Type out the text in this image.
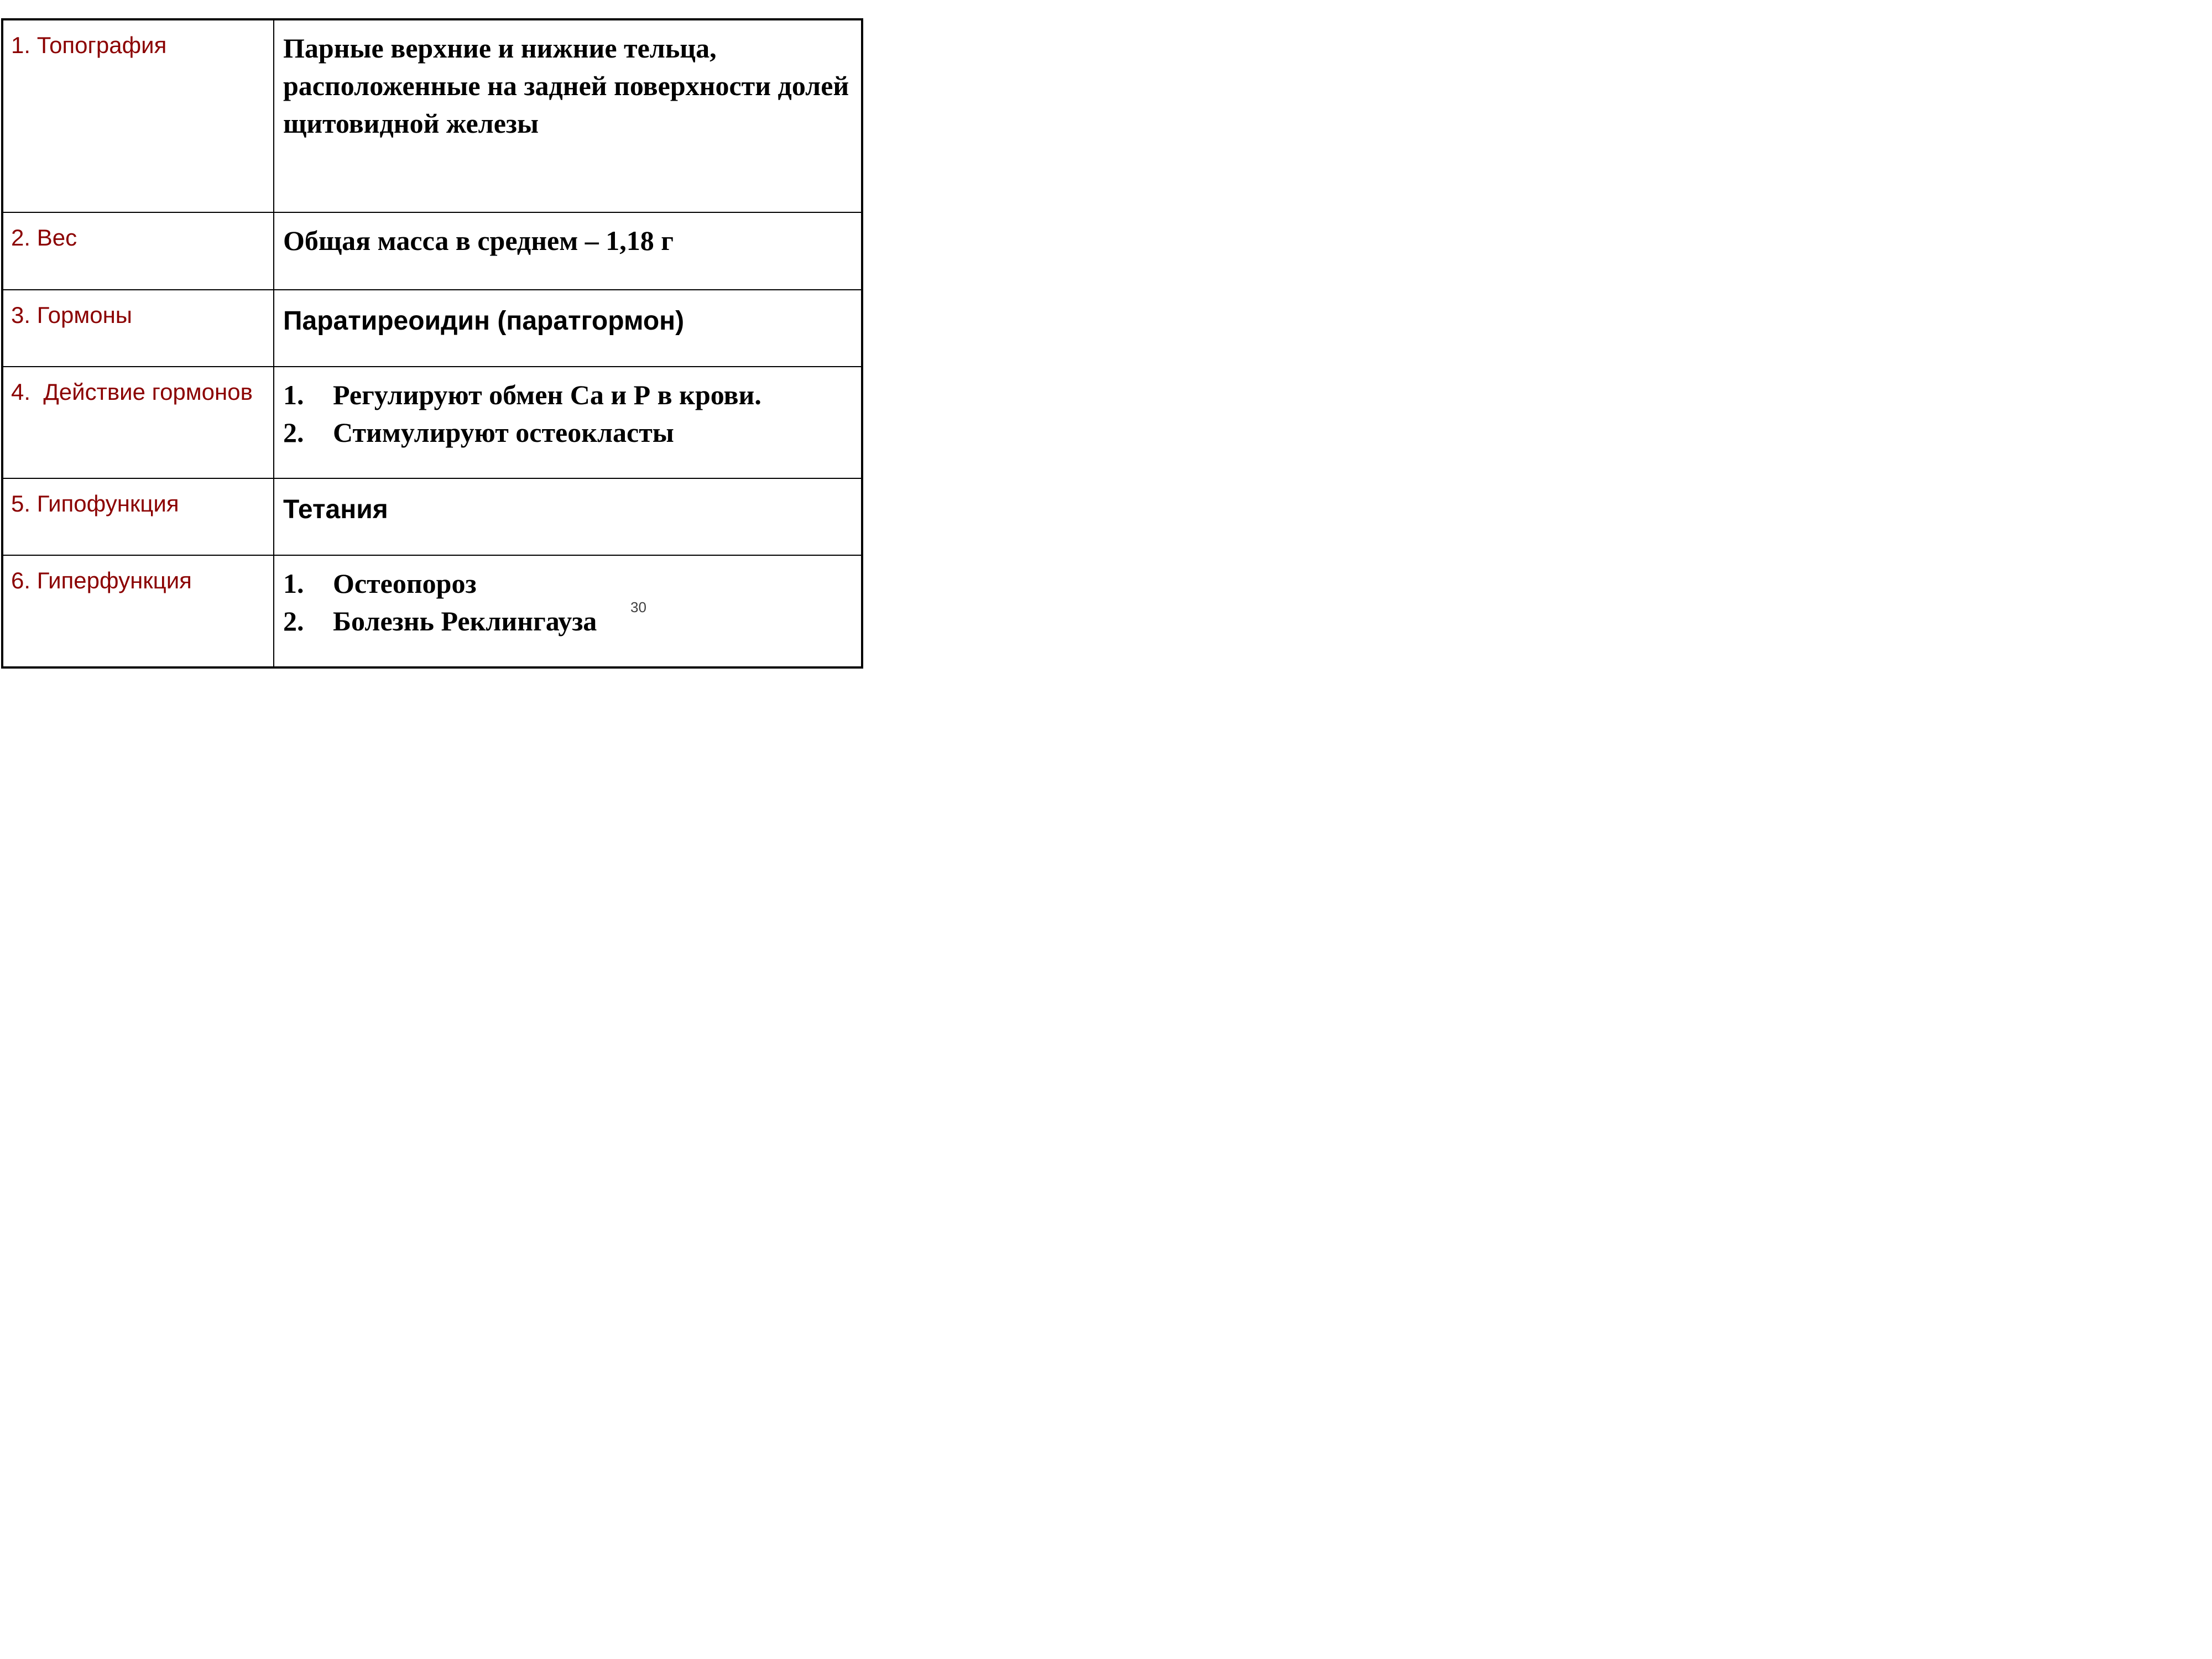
1. Топография	Парные верхние и нижние тельца, расположенные на задней поверхности долей щитовидной железы

2. Вес	Общая масса в среднем – 1,18 г

3. Гормоны	Паратиреоидин (паратгормон)

4.  Действие гормонов	1. Регулируют обмен Са и Р в крови.
2. Стимулируют остеокласты

5. Гипофункция	Тетания

6. Гиперфункция	1. Остеопороз
2. Болезнь Реклингауза	30
